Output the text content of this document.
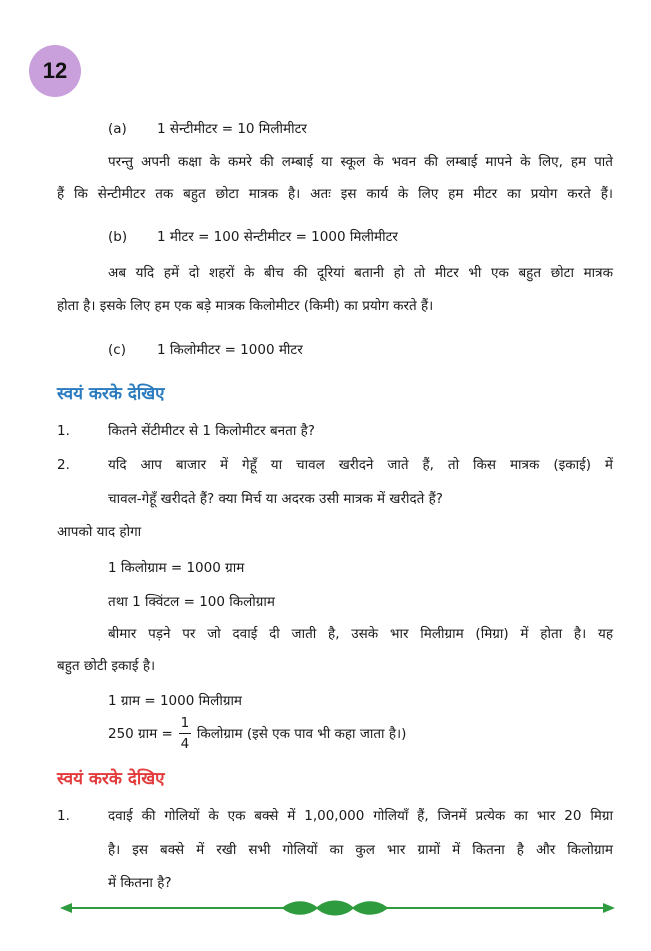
12
(a) 1 सेन्टीमीटर = 10 मिलीमीटर
परन्तु अपनी कक्षा के कमरे की लम्बाई या स्कूल के भवन की लम्बाई मापने के लिए, हम पाते
हैं कि सेन्टीमीटर तक बहुत छोटा मात्रक है। अतः इस कार्य के लिए हम मीटर का प्रयोग करते हैं।
(b) 1 मीटर = 100 सेन्टीमीटर = 1000 मिलीमीटर
अब यदि हमें दो शहरों के बीच की दूरियां बतानी हो तो मीटर भी एक बहुत छोटा मात्रक
होता है। इसके लिए हम एक बड़े मात्रक किलोमीटर (किमी) का प्रयोग करते हैं।
(c) 1 किलोमीटर = 1000 मीटर
स्वयं करके देखिए
1.	कितने सेंटीमीटर से 1 किलोमीटर बनता है?
2.	यदि आप बाजार में गेहूँ या चावल खरीदने जाते हैं, तो किस मात्रक (इकाई) में
चावल-गेहूँ खरीदते हैं? क्या मिर्च या अदरक उसी मात्रक में खरीदते हैं?
आपको याद होगा
1 किलोग्राम = 1000 ग्राम
तथा 1 क्विंटल = 100 किलोग्राम
बीमार पड़ने पर जो दवाई दी जाती है, उसके भार मिलीग्राम (मिग्रा) में होता है। यह
बहुत छोटी इकाई है।
1 ग्राम = 1000 मिलीग्राम
250 ग्राम = $\frac{1}{4}$ किलोग्राम (इसे एक पाव भी कहा जाता है।)
स्वयं करके देखिए
1.	दवाई की गोलियों के एक बक्से में 1,00,000 गोलियाँ हैं, जिनमें प्रत्येक का भार 20 मिग्रा
है। इस बक्से में रखी सभी गोलियों का कुल भार ग्रामों में कितना है और किलोग्राम
में कितना है?
